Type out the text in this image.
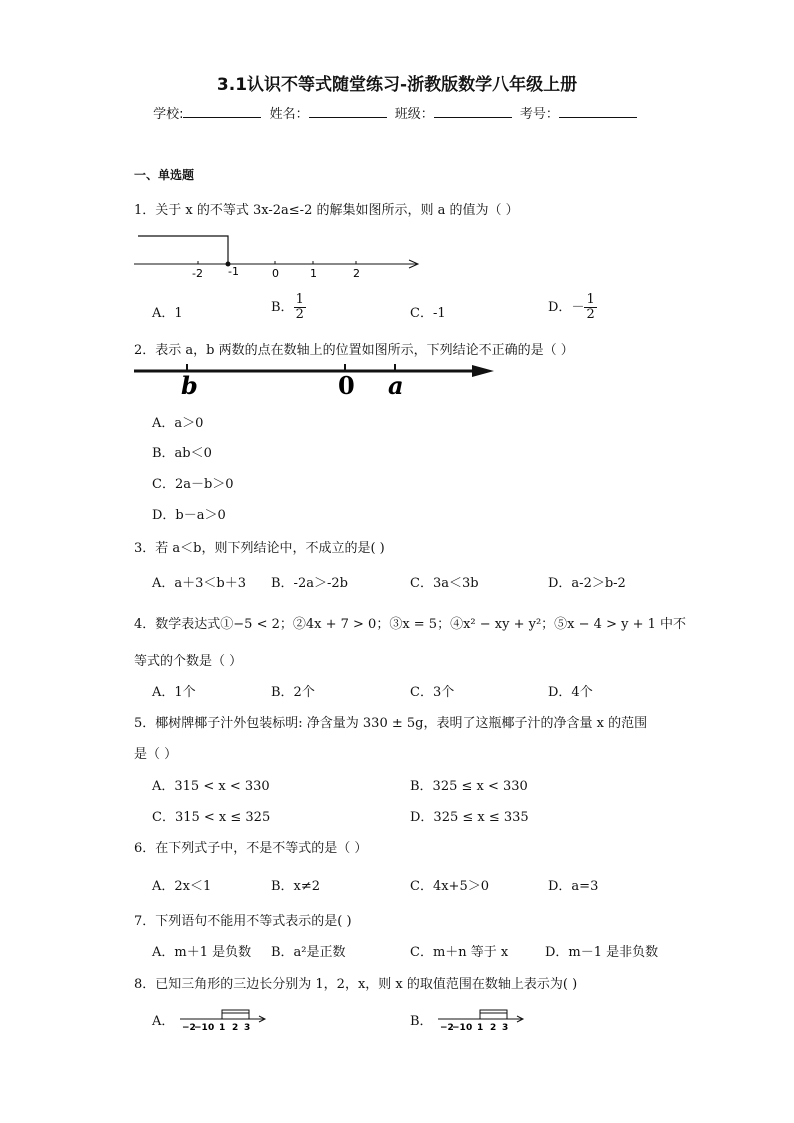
3.1认识不等式随堂练习-浙教版数学八年级上册
学校:	姓名：	班级：	考号：
一、单选题
1．关于 x 的不等式 3x-2a≤-2 的解集如图所示，则 a 的值为（ ）
-2 -1	0	1	2
A．1	B． $\frac{1}{2}$	C．-1	D．－ $\frac{1}{2}$
2．表示 a，b 两数的点在数轴上的位置如图所示，下列结论不正确的是（ ）
b	0 a
A．a＞0
B．ab＜0
C．2a－b＞0
D．b－a＞0
3．若 a＜b，则下列结论中，不成立的是( )
A．a＋3＜b＋3 B．-2a＞-2b	C．3a＜3b	D．a-2＞b-2
4．数学表达式①−5 < 2；②4x + 7 > 0；③x = 5；④x² − xy + y²；⑤x − 4 > y + 1 中不
等式的个数是（ ）
A．1个	B．2个	C．3个	D．4个
5．椰树牌椰子汁外包装标明: 净含量为 330 ± 5g，表明了这瓶椰子汁的净含量 x 的范围
是（ ）
A．315 < x < 330	B．325 ≤ x < 330
C．315 < x ≤ 325	D．325 ≤ x ≤ 335
6．在下列式子中，不是不等式的是（ ）
A．2x＜1	B．x≠2	C．4x+5＞0	D．a=3
7．下列语句不能用不等式表示的是( )
A．m＋1 是负数 B．a²是正数	C．m＋n 等于 x	D．m－1 是非负数
8．已知三角形的三边长分别为 1，2，x，则 x 的取值范围在数轴上表示为( )
A． −2
−1 0 1 2 3	B． −2
−1 0 1 2 3
